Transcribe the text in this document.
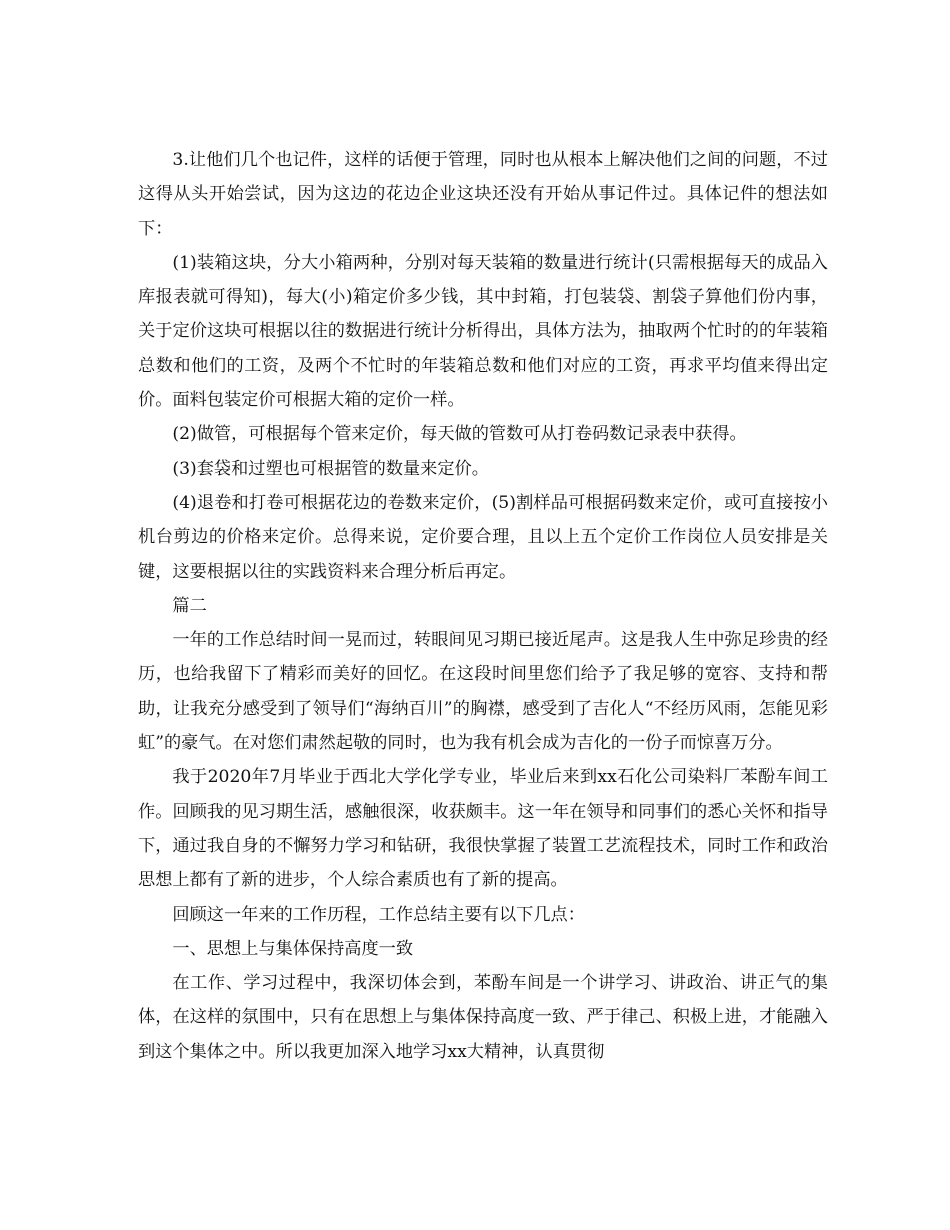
3.让他们几个也记件，这样的话便于管理，同时也从根本上解决他们之间的问题，不过这得从头开始尝试，因为这边的花边企业这块还没有开始从事记件过。具体记件的想法如下：

(1)装箱这块，分大小箱两种，分别对每天装箱的数量进行统计(只需根据每天的成品入库报表就可得知)，每大(小)箱定价多少钱，其中封箱，打包装袋、割袋子算他们份内事，关于定价这块可根据以往的数据进行统计分析得出，具体方法为，抽取两个忙时的的年装箱总数和他们的工资，及两个不忙时的年装箱总数和他们对应的工资，再求平均值来得出定价。面料包装定价可根据大箱的定价一样。

(2)做管，可根据每个管来定价，每天做的管数可从打卷码数记录表中获得。

(3)套袋和过塑也可根据管的数量来定价。

(4)退卷和打卷可根据花边的卷数来定价，(5)割样品可根据码数来定价，或可直接按小机台剪边的价格来定价。总得来说，定价要合理，且以上五个定价工作岗位人员安排是关键，这要根据以往的实践资料来合理分析后再定。

篇二

一年的工作总结时间一晃而过，转眼间见习期已接近尾声。这是我人生中弥足珍贵的经历，也给我留下了精彩而美好的回忆。在这段时间里您们给予了我足够的宽容、支持和帮助，让我充分感受到了领导们“海纳百川”的胸襟，感受到了吉化人“不经历风雨，怎能见彩虹”的豪气。在对您们肃然起敬的同时，也为我有机会成为吉化的一份子而惊喜万分。

我于2020年7月毕业于西北大学化学专业，毕业后来到xx石化公司染料厂苯酚车间工作。回顾我的见习期生活，感触很深，收获颇丰。这一年在领导和同事们的悉心关怀和指导下，通过我自身的不懈努力学习和钻研，我很快掌握了装置工艺流程技术，同时工作和政治思想上都有了新的进步，个人综合素质也有了新的提高。

回顾这一年来的工作历程，工作总结主要有以下几点：

一、思想上与集体保持高度一致

在工作、学习过程中，我深切体会到，苯酚车间是一个讲学习、讲政治、讲正气的集体，在这样的氛围中，只有在思想上与集体保持高度一致、严于律己、积极上进，才能融入到这个集体之中。所以我更加深入地学习xx大精神，认真贯彻
